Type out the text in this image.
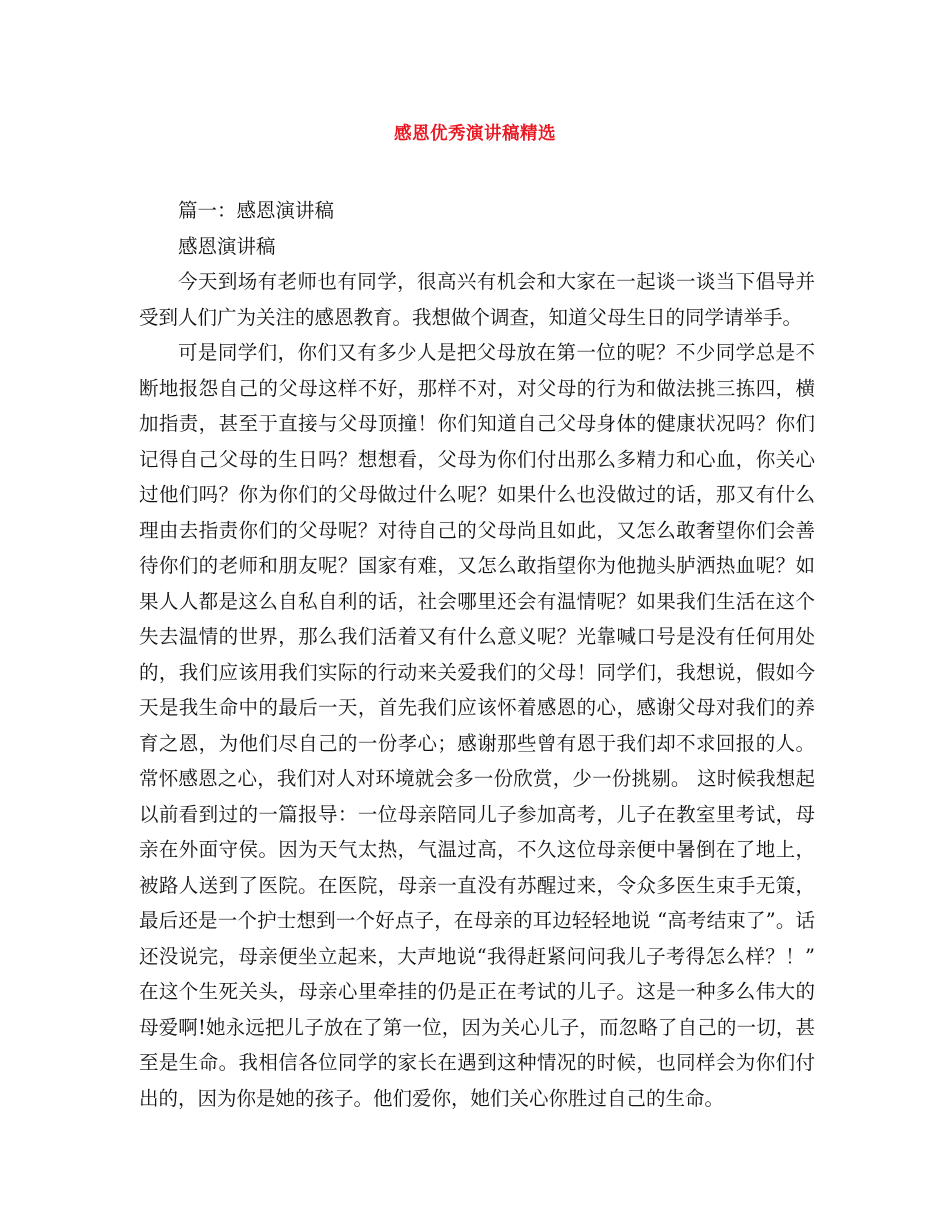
感恩优秀演讲稿精选
篇一：感恩演讲稿
感恩演讲稿

今天到场有老师也有同学，很高兴有机会和大家在一起谈一谈当下倡导并受到人们广为关注的感恩教育。我想做个调查，知道父母生日的同学请举手。

可是同学们，你们又有多少人是把父母放在第一位的呢？不少同学总是不断地报怨自己的父母这样不好，那样不对，对父母的行为和做法挑三拣四，横加指责，甚至于直接与父母顶撞！你们知道自己父母身体的健康状况吗？你们记得自己父母的生日吗？想想看，父母为你们付出那么多精力和心血，你关心过他们吗？你为你们的父母做过什么呢？如果什么也没做过的话，那又有什么理由去指责你们的父母呢？对待自己的父母尚且如此，又怎么敢奢望你们会善待你们的老师和朋友呢？国家有难，又怎么敢指望你为他抛头胪洒热血呢？如果人人都是这么自私自利的话，社会哪里还会有温情呢？如果我们生活在这个失去温情的世界，那么我们活着又有什么意义呢？光靠喊口号是没有任何用处的，我们应该用我们实际的行动来关爱我们的父母！同学们，我想说，假如今天是我生命中的最后一天，首先我们应该怀着感恩的心，感谢父母对我们的养育之恩，为他们尽自己的一份孝心；感谢那些曾有恩于我们却不求回报的人。常怀感恩之心，我们对人对环境就会多一份欣赏，少一份挑剔。 这时候我想起以前看到过的一篇报导：一位母亲陪同儿子参加高考，儿子在教室里考试，母亲在外面守侯。因为天气太热，气温过高，不久这位母亲便中暑倒在了地上，被路人送到了医院。在医院，母亲一直没有苏醒过来，令众多医生束手无策，最后还是一个护士想到一个好点子，在母亲的耳边轻轻地说 “高考结束了”。话还没说完，母亲便坐立起来，大声地说“我得赶紧问问我儿子考得怎么样？！”在这个生死关头，母亲心里牵挂的仍是正在考试的儿子。这是一种多么伟大的母爱啊!她永远把儿子放在了第一位，因为关心儿子，而忽略了自己的一切，甚至是生命。我相信各位同学的家长在遇到这种情况的时候，也同样会为你们付出的，因为你是她的孩子。他们爱你，她们关心你胜过自己的生命。
